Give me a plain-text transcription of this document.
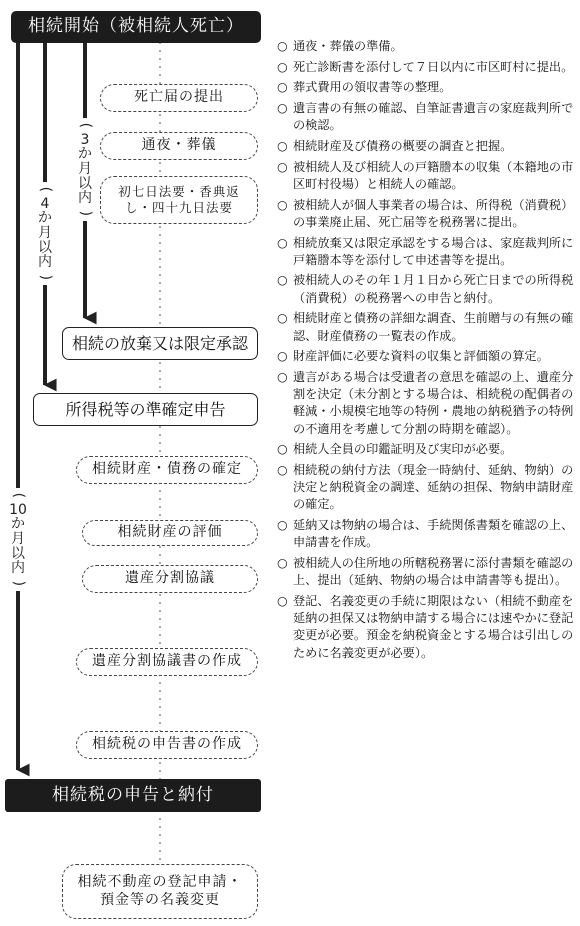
(
3
か
月
以
内
)
(
4
か
月
以
内
)
(
10
か
月
以
内
)
相続開始（被相続人死亡）
死亡届の提出
通夜・葬儀
初七日法要・香典返し・四十九日法要
相続の放棄又は限定承認
所得税等の準確定申告
相続財産・債務の確定
相続財産の評価
遺産分割協議
遺産分割協議書の作成
相続税の申告書の作成
相続税の申告と納付
相続不動産の登記申請・預金等の名義変更
○ 通夜・葬儀の準備。
○ 死亡診断書を添付して７日以内に市区町村に提出。
○ 葬式費用の領収書等の整理。
○ 遺言書の有無の確認、自筆証書遺言の家庭裁判所での検認。
○ 相続財産及び債務の概要の調査と把握。
○ 被相続人及び相続人の戸籍謄本の収集（本籍地の市区町村役場）と相続人の確認。
○ 被相続人が個人事業者の場合は、所得税（消費税）の事業廃止届、死亡届等を税務署に提出。
○ 相続放棄又は限定承認をする場合は、家庭裁判所に戸籍謄本等を添付して申述書等を提出。
○ 被相続人のその年１月１日から死亡日までの所得税（消費税）の税務署への申告と納付。
○ 相続財産と債務の詳細な調査、生前贈与の有無の確認、財産債務の一覧表の作成。
○ 財産評価に必要な資料の収集と評価額の算定。
○ 遺言がある場合は受遺者の意思を確認の上、遺産分割を決定（未分割とする場合は、相続税の配偶者の軽減・小規模宅地等の特例・農地の納税猶予の特例の不適用を考慮して分割の時期を確認）。
○ 相続人全員の印鑑証明及び実印が必要。
○ 相続税の納付方法（現金一時納付、延納、物納）の決定と納税資金の調達、延納の担保、物納申請財産の確定。
○ 延納又は物納の場合は、手続関係書類を確認の上、申請書を作成。
○ 被相続人の住所地の所轄税務署に添付書類を確認の上、提出（延納、物納の場合は申請書等も提出）。
○ 登記、名義変更の手続に期限はない（相続不動産を延納の担保又は物納申請する場合には速やかに登記変更が必要。預金を納税資金とする場合は引出しのために名義変更が必要）。
